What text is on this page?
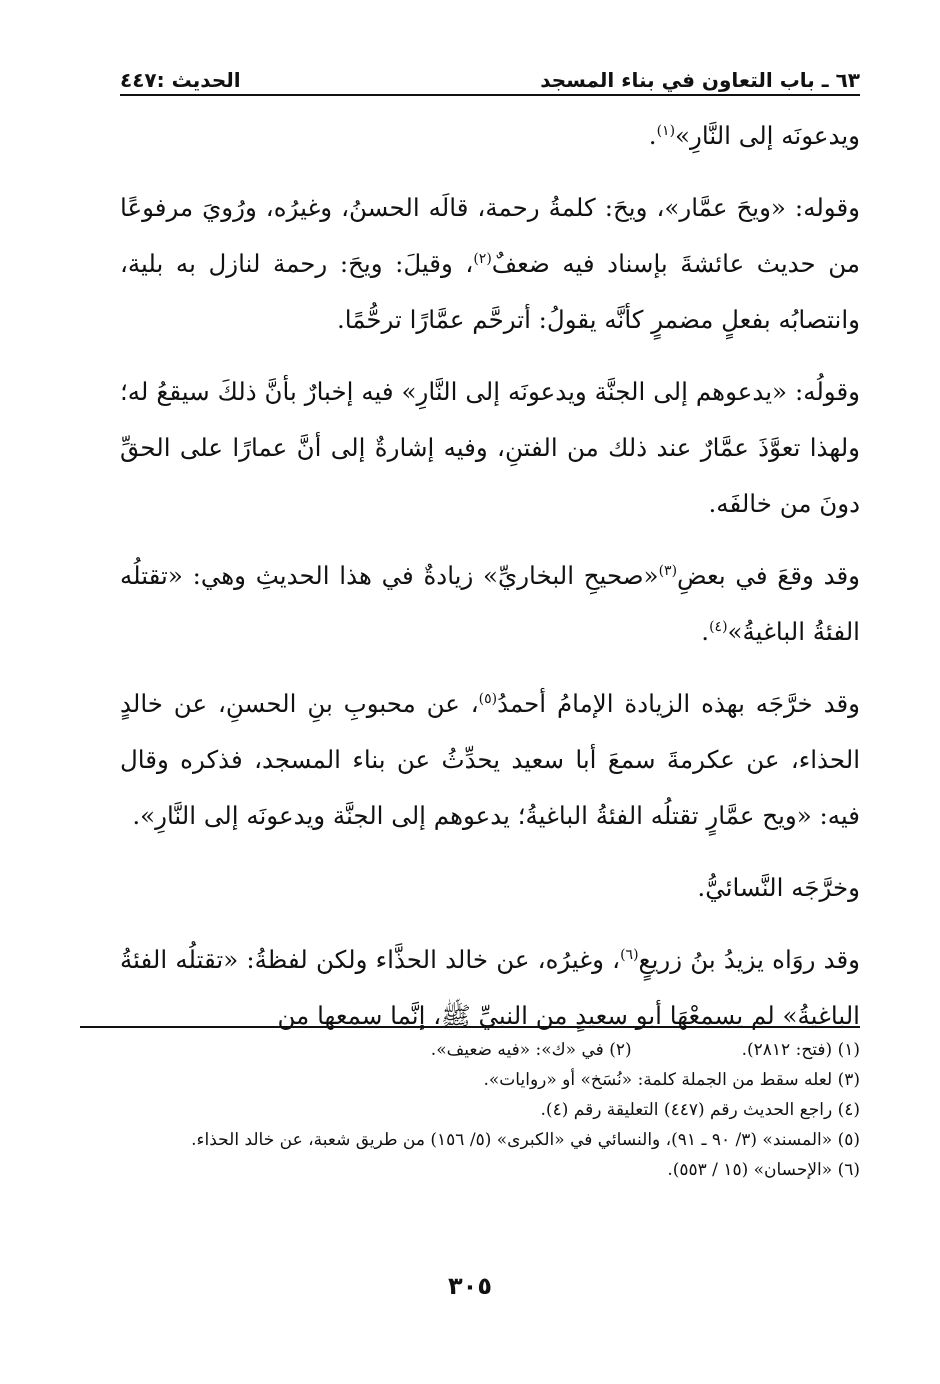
٦٣ ـ باب التعاون في بناء المسجد
الحديث :٤٤٧

ويدعونَه إلى النَّارِ»$^{(١)}$.

وقوله: «ويحَ عمَّار»، ويحَ: كلمةُ رحمة، قالَه الحسنُ، وغيرُه، ورُويَ مرفوعًا من حديث عائشةَ بإسناد فيه ضعفٌ$^{(٢)}$، وقيلَ: ويحَ: رحمة لنازل به بلية، وانتصابُه بفعلٍ مضمرٍ كأنَّه يقولُ: أترحَّم عمَّارًا ترحُّمًا.

وقولُه: «يدعوهم إلى الجنَّة ويدعونَه إلى النَّارِ» فيه إخبارٌ بأنَّ ذلكَ سيقعُ له؛ ولهذا تعوَّذَ عمَّارٌ عند ذلك من الفتنِ، وفيه إشارةٌ إلى أنَّ عمارًا على الحقِّ دونَ من خالفَه.

وقد وقعَ في بعضِ$^{(٣)}$«صحيحِ البخاريِّ» زيادةٌ في هذا الحديثِ وهي: «تقتلُه الفئةُ الباغيةُ»$^{(٤)}$.

وقد خرَّجَه بهذه الزيادة الإمامُ أحمدُ$^{(٥)}$، عن محبوبِ بنِ الحسنِ، عن خالدٍ الحذاء، عن عكرمةَ سمعَ أبا سعيد يحدِّثُ عن بناء المسجد، فذكره وقال فيه: «ويح عمَّارٍ تقتلُه الفئةُ الباغيةُ؛ يدعوهم إلى الجنَّة ويدعونَه إلى النَّارِ».

وخرَّجَه النَّسائيُّ.

وقد روَاه يزيدُ بنُ زريعٍ$^{(٦)}$، وغيرُه، عن خالد الحذَّاء ولكن لفظةُ: «تقتلُه الفئةُ الباغيةُ» لم يسمعْهَا أبو سعيدٍ من النبيِّ ﷺ، إنَّما سمعها من

(١) (فتح: ٢٨١٢).(٢) في «ك»: «فيه ضعيف».

(٣) لعله سقط من الجملة كلمة: «نُسَخ» أو «روايات».

(٤) راجع الحديث رقم (٤٤٧) التعليقة رقم (٤).

(٥) «المسند» (٣/ ٩٠ ـ ٩١)، والنسائي في «الكبرى» (٥/ ١٥٦) من طريق شعبة، عن خالد الحذاء.

(٦) «الإحسان» (١٥ / ٥٥٣).

٣٠٥
